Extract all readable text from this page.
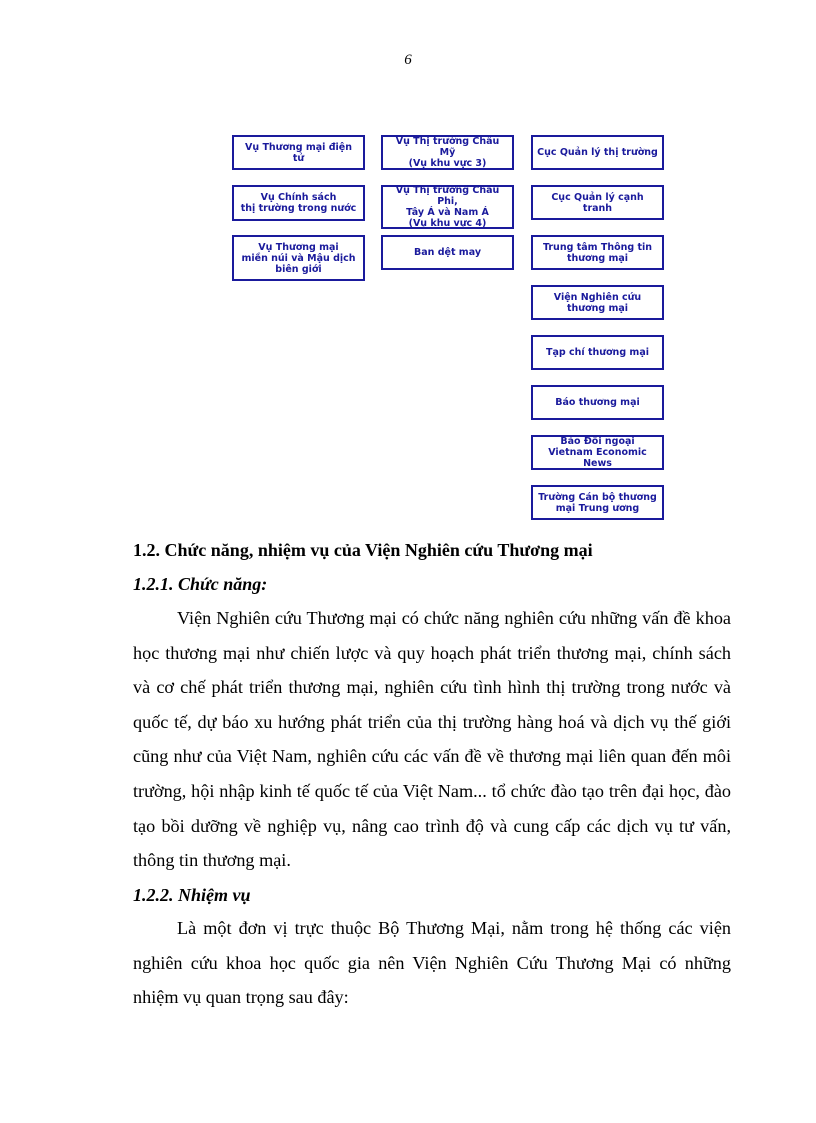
6
Vụ Thương mại điện tử
Vụ Chính sách
thị trường trong nước
Vụ Thương mại
miền núi và Mậu dịch
biên giới
Vụ Thị trường Châu Mỹ
(Vụ khu vực 3)
Vụ Thị trường Châu Phi,
Tây Á và Nam Á
(Vụ khu vực 4)
Ban dệt may
Cục Quản lý thị trường
Cục Quản lý cạnh tranh
Trung tâm Thông tin
thương mại
Viện Nghiên cứu
thương mại
Tạp chí thương mại
Báo thương mại
Báo Đối ngoại
Vietnam Economic News
Trường Cán bộ thương
mại Trung ương
1.2. Chức năng, nhiệm vụ của Viện Nghiên cứu Thương mại
1.2.1. Chức năng:

Viện Nghiên cứu Thương mại có chức năng nghiên cứu những vấn đề khoa học thương mại như chiến lược và quy hoạch phát triển thương mại, chính sách và cơ chế phát triển thương mại, nghiên cứu tình hình thị trường trong nước và quốc tế, dự báo xu hướng phát triển của thị trường hàng hoá và dịch vụ thế giới cũng như của Việt Nam, nghiên cứu các vấn đề về thương mại liên quan đến môi trường, hội nhập kinh tế quốc tế của Việt Nam... tổ chức đào tạo trên đại học, đào tạo bồi dưỡng về nghiệp vụ, nâng cao trình độ và cung cấp các dịch vụ tư vấn, thông tin thương mại.

1.2.2. Nhiệm vụ

Là một đơn vị trực thuộc Bộ Thương Mại, nằm trong hệ thống các viện nghiên cứu khoa học quốc gia nên Viện Nghiên Cứu Thương Mại có những nhiệm vụ quan trọng sau đây:
